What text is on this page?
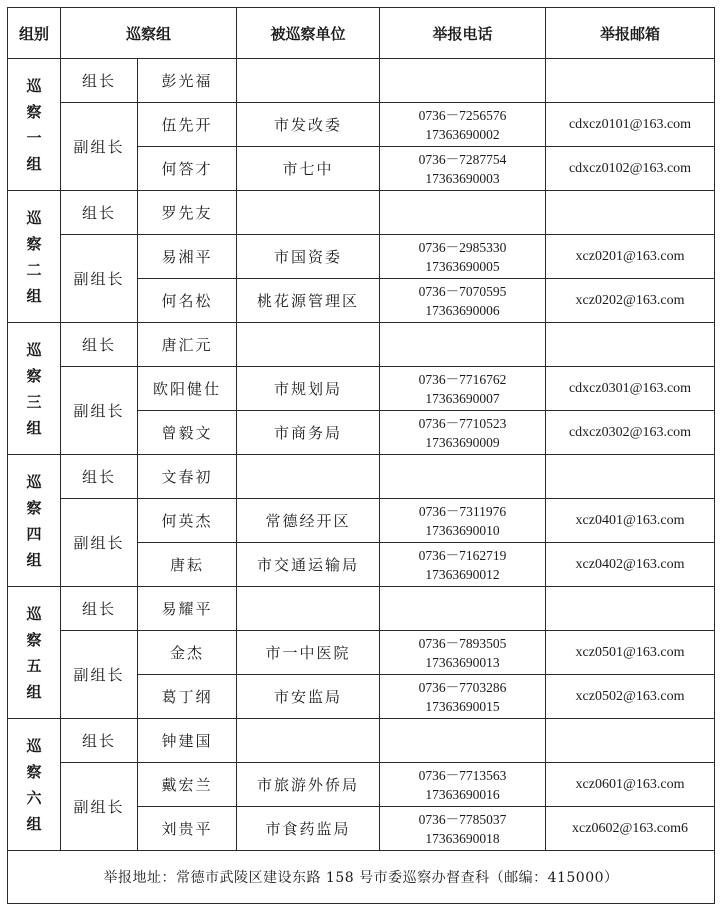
组别	巡察组		被巡察单位	举报电话	举报邮箱
巡察一组	组长	彭光福			
	副组长	伍先开	市发改委	0736－7256576
17363690002	cdxcz0101@163.com
		何答才	市七中	0736－7287754
17363690003	cdxcz0102@163.com
巡察二组	组长	罗先友			
	副组长	易湘平	市国资委	0736－2985330
17363690005	xcz0201@163.com
		何名松	桃花源管理区	0736－7070595
17363690006	xcz0202@163.com
巡察三组	组长	唐汇元			
	副组长	欧阳健仕	市规划局	0736－7716762
17363690007	cdxcz0301@163.com
		曾毅文	市商务局	0736－7710523
17363690009	cdxcz0302@163.com
巡察四组	组长	文春初			
	副组长	何英杰	常德经开区	0736－7311976
17363690010	xcz0401@163.com
		唐耘	市交通运输局	0736－7162719
17363690012	xcz0402@163.com
巡察五组	组长	易耀平			
	副组长	金杰	市一中医院	0736－7893505
17363690013	xcz0501@163.com
		葛丁纲	市安监局	0736－7703286
17363690015	xcz0502@163.com
巡察六组	组长	钟建国			
	副组长	戴宏兰	市旅游外侨局	0736－7713563
17363690016	xcz0601@163.com
		刘贵平	市食药监局	0736－7785037
17363690018	xcz0602@163.com6
举报地址：常德市武陵区建设东路 158 号市委巡察办督查科（邮编：415000）					
